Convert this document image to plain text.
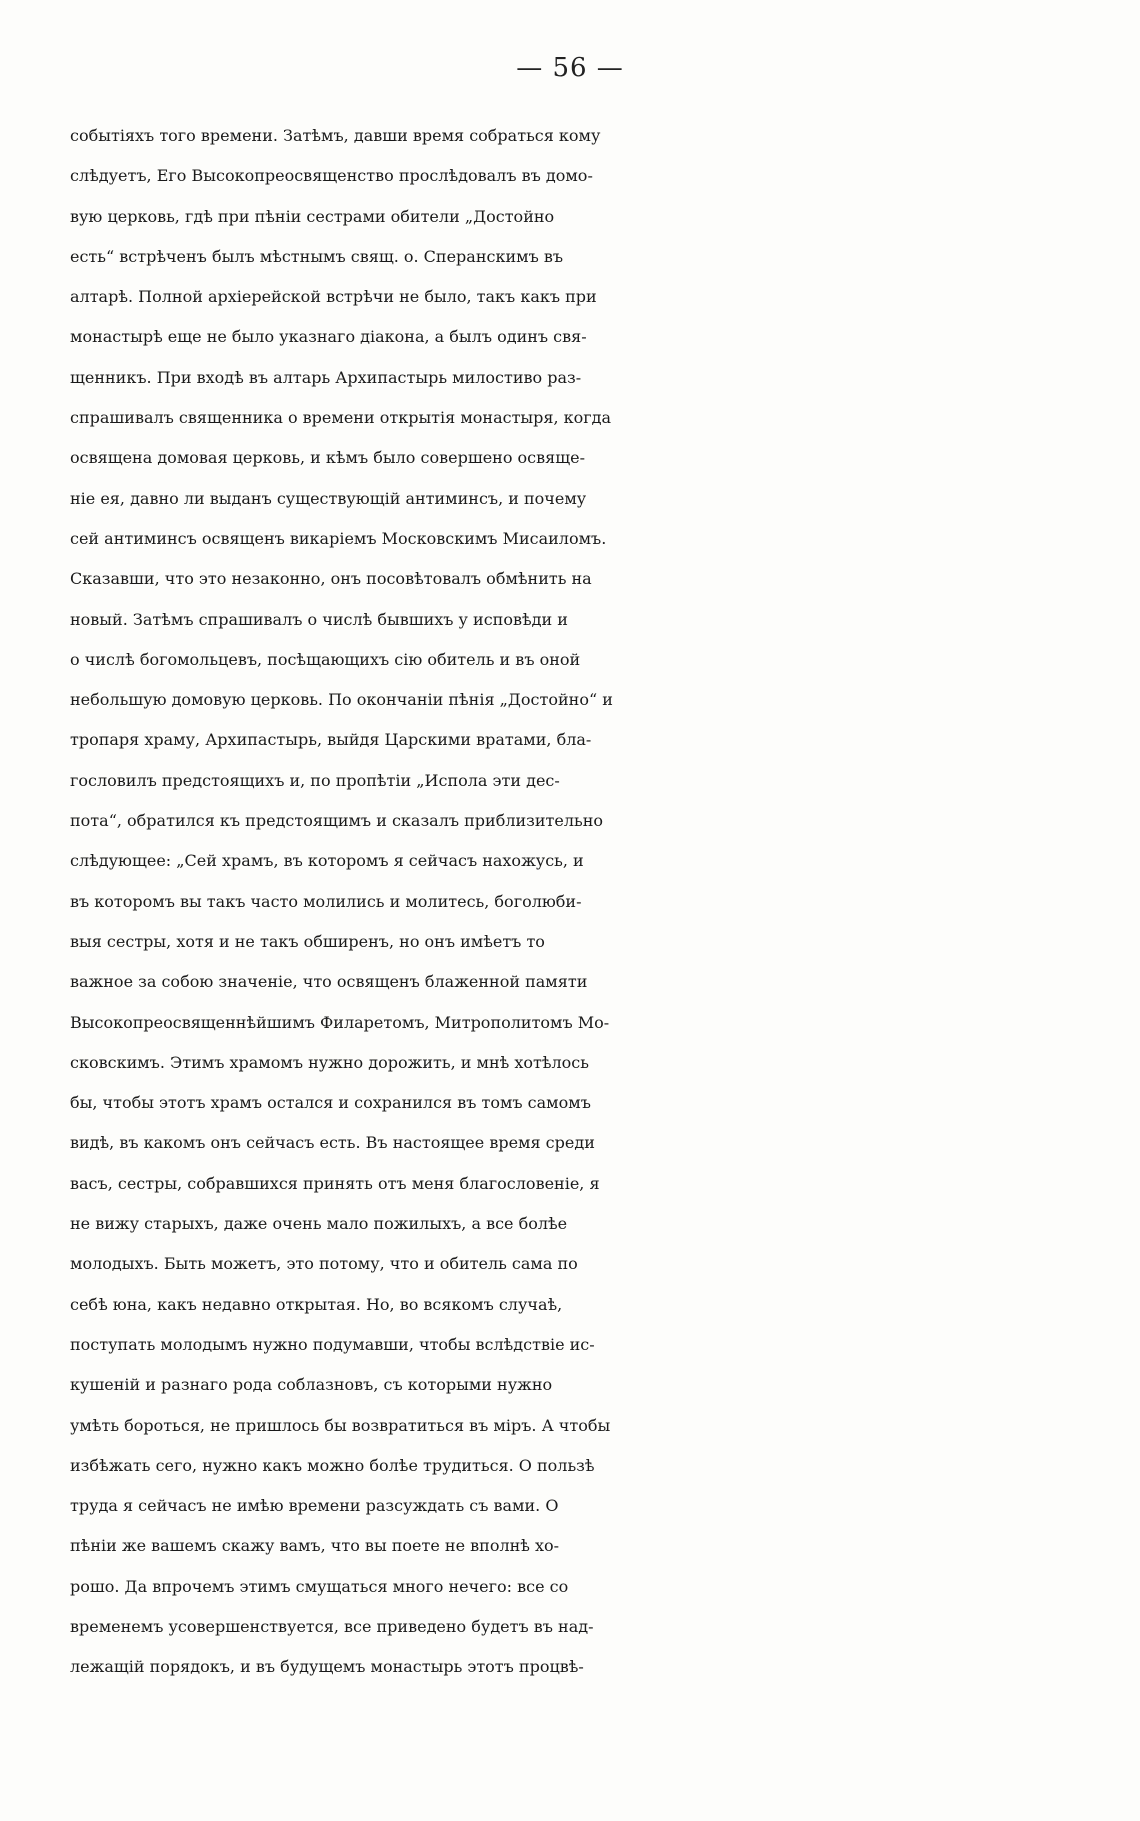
— 56 —
событіяхъ того времени. Затѣмъ, давши время собраться кому
слѣдуетъ, Его Высокопреосвященство прослѣдовалъ въ домо-
вую церковь, гдѣ при пѣніи сестрами обители „Достойно
есть“ встрѣченъ былъ мѣстнымъ свящ. о. Сперанскимъ въ
алтарѣ. Полной архіерейской встрѣчи не было, такъ какъ при
монастырѣ еще не было указнаго діакона, а былъ одинъ свя-
щенникъ. При входѣ въ алтарь Архипастырь милостиво раз-
спрашивалъ священника о времени открытія монастыря, когда
освящена домовая церковь, и кѣмъ было совершено освяще-
ніе ея, давно ли выданъ существующій антиминсъ, и почему
сей антиминсъ освященъ викаріемъ Московскимъ Мисаиломъ.
Сказавши, что это незаконно, онъ посовѣтовалъ обмѣнить на
новый. Затѣмъ спрашивалъ о числѣ бывшихъ у исповѣди и
о числѣ богомольцевъ, посѣщающихъ сію обитель и въ оной
небольшую домовую церковь. По окончаніи пѣнія „Достойно“ и
тропаря храму, Архипастырь, выйдя Царскими вратами, бла-
гословилъ предстоящихъ и, по пропѣтіи „Испола эти дес-
пота“, обратился къ предстоящимъ и сказалъ приблизительно
слѣдующее: „Сей храмъ, въ которомъ я сейчасъ нахожусь, и
въ которомъ вы такъ часто молились и молитесь, боголюби-
выя сестры, хотя и не такъ обширенъ, но онъ имѣетъ то
важное за собою значеніе, что освященъ блаженной памяти
Высокопреосвященнѣйшимъ Филаретомъ, Митрополитомъ Мо-
сковскимъ. Этимъ храмомъ нужно дорожить, и мнѣ хотѣлось
бы, чтобы этотъ храмъ остался и сохранился въ томъ самомъ
видѣ, въ какомъ онъ сейчасъ есть. Въ настоящее время среди
васъ, сестры, собравшихся принять отъ меня благословеніе, я
не вижу старыхъ, даже очень мало пожилыхъ, а все болѣе
молодыхъ. Быть можетъ, это потому, что и обитель сама по
себѣ юна, какъ недавно открытая. Но, во всякомъ случаѣ,
поступать молодымъ нужно подумавши, чтобы вслѣдствіе ис-
кушеній и разнаго рода соблазновъ, съ которыми нужно
умѣть бороться, не пришлось бы возвратиться въ міръ. А чтобы
избѣжать сего, нужно какъ можно болѣе трудиться. О пользѣ
труда я сейчасъ не имѣю времени разсуждать съ вами. О
пѣніи же вашемъ скажу вамъ, что вы поете не вполнѣ хо-
рошо. Да впрочемъ этимъ смущаться много нечего: все со
временемъ усовершенствуется, все приведено будетъ въ над-
лежащій порядокъ, и въ будущемъ монастырь этотъ процвѣ-
